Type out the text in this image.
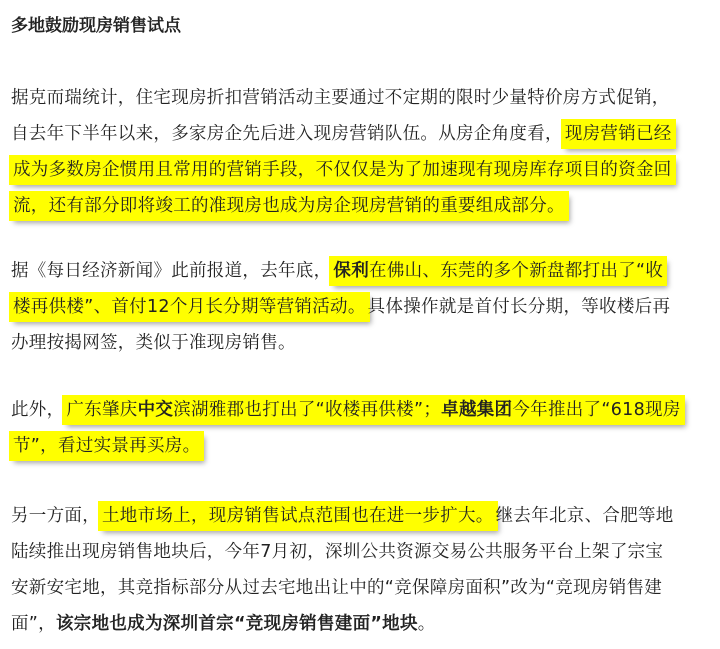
多地鼓励现房销售试点
据克而瑞统计，住宅现房折扣营销活动主要通过不定期的限时少量特价房方式促销，
自去年下半年以来，多家房企先后进入现房营销队伍。从房企角度看， 现房营销已经
成为多数房企惯用且常用的营销手段，不仅仅是为了加速现有现房库存项目的资金回
流，还有部分即将竣工的准现房也成为房企现房营销的重要组成部分。
据《每日经济新闻》此前报道，去年底， 保利在佛山、东莞的多个新盘都打出了“收
楼再供楼”、首付12个月长分期等营销活动。 具体操作就是首付长分期，等收楼后再
办理按揭网签，类似于准现房销售。
此外， 广东肇庆中交滨湖雅郡也打出了“收楼再供楼”；卓越集团今年推出了“618现房
节”，看过实景再买房。
另一方面， 土地市场上，现房销售试点范围也在进一步扩大。 继去年北京、合肥等地
陆续推出现房销售地块后，今年7月初，深圳公共资源交易公共服务平台上架了宗宝
安新安宅地，其竞指标部分从过去宅地出让中的“竞保障房面积”改为“竞现房销售建
面”，该宗地也成为深圳首宗“竞现房销售建面”地块。
